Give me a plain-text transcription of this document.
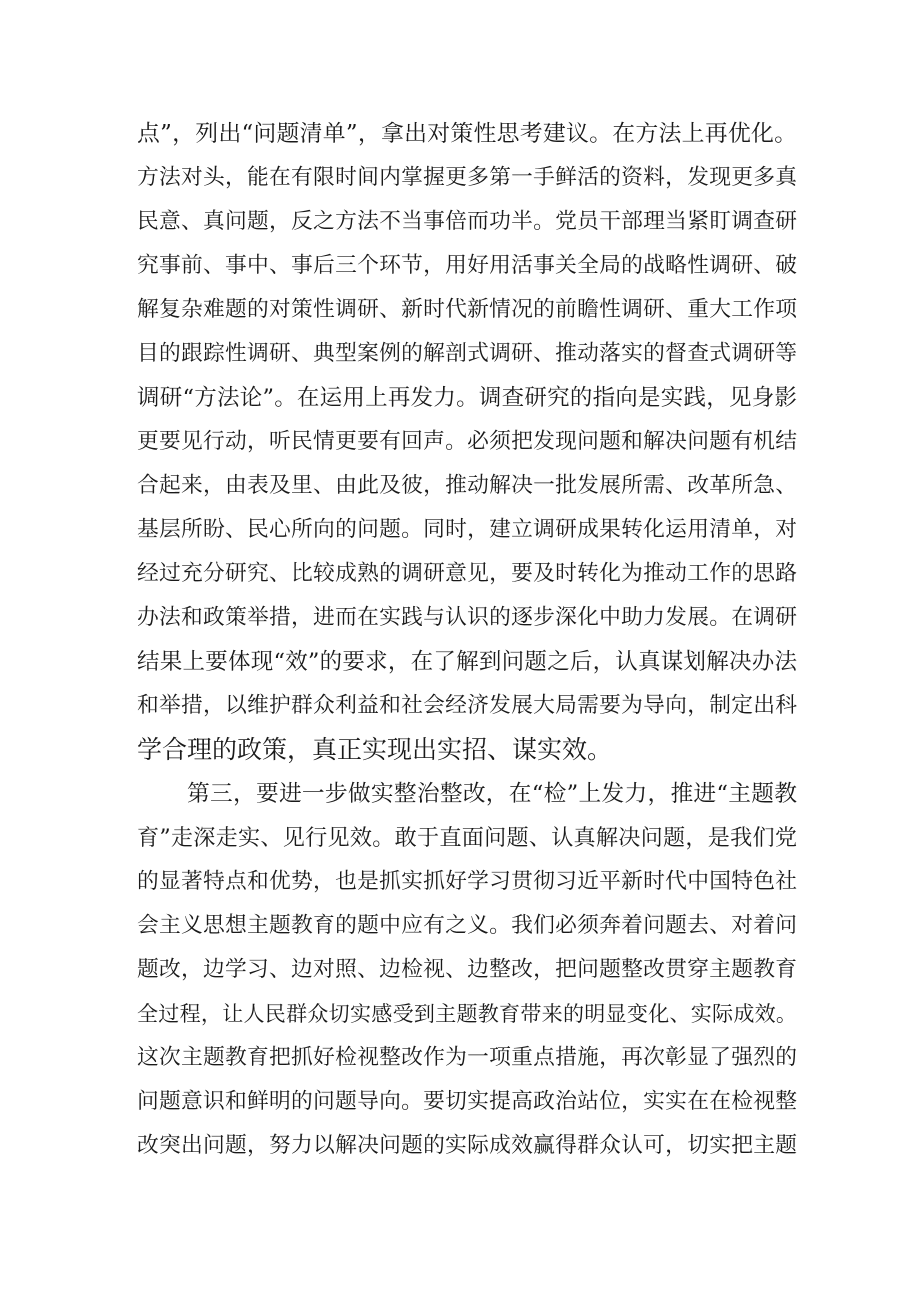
点”，列出“问题清单”，拿出对策性思考建议。在方法上再优化。
方法对头，能在有限时间内掌握更多第一手鲜活的资料，发现更多真
民意、真问题，反之方法不当事倍而功半。党员干部理当紧盯调查研
究事前、事中、事后三个环节，用好用活事关全局的战略性调研、破
解复杂难题的对策性调研、新时代新情况的前瞻性调研、重大工作项
目的跟踪性调研、典型案例的解剖式调研、推动落实的督查式调研等
调研“方法论”。在运用上再发力。调查研究的指向是实践，见身影
更要见行动，听民情更要有回声。必须把发现问题和解决问题有机结
合起来，由表及里、由此及彼，推动解决一批发展所需、改革所急、
基层所盼、民心所向的问题。同时，建立调研成果转化运用清单，对
经过充分研究、比较成熟的调研意见，要及时转化为推动工作的思路
办法和政策举措，进而在实践与认识的逐步深化中助力发展。在调研
结果上要体现“效”的要求，在了解到问题之后，认真谋划解决办法
和举措，以维护群众利益和社会经济发展大局需要为导向，制定出科
学合理的政策，真正实现出实招、谋实效。
第三，要进一步做实整治整改，在“检”上发力，推进“主题教
育”走深走实、见行见效。敢于直面问题、认真解决问题，是我们党
的显著特点和优势，也是抓实抓好学习贯彻习近平新时代中国特色社
会主义思想主题教育的题中应有之义。我们必须奔着问题去、对着问
题改，边学习、边对照、边检视、边整改，把问题整改贯穿主题教育
全过程，让人民群众切实感受到主题教育带来的明显变化、实际成效。
这次主题教育把抓好检视整改作为一项重点措施，再次彰显了强烈的
问题意识和鲜明的问题导向。要切实提高政治站位，实实在在检视整
改突出问题，努力以解决问题的实际成效赢得群众认可，切实把主题
